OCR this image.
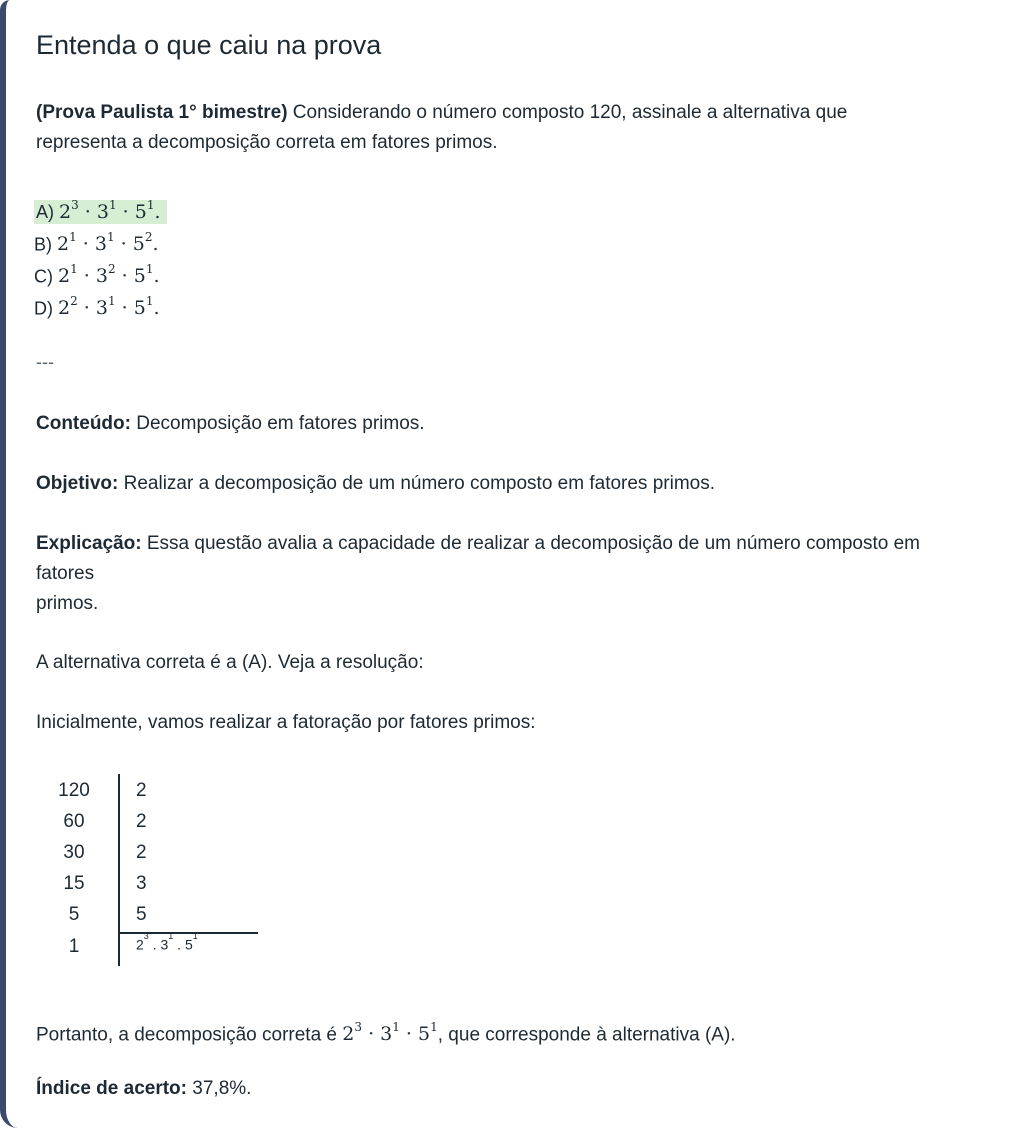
Entenda o que caiu na prova

(Prova Paulista 1° bimestre) Considerando o número composto 120, assinale a alternativa que
representa a decomposição correta em fatores primos.

A) $2^3 \cdot 3^1 \cdot 5^1$.
B) $2^1 \cdot 3^1 \cdot 5^2$.
C) $2^1 \cdot 3^2 \cdot 5^1$.
D) $2^2 \cdot 3^1 \cdot 5^1$.
---

Conteúdo: Decomposição em fatores primos.

Objetivo: Realizar a decomposição de um número composto em fatores primos.

Explicação: Essa questão avalia a capacidade de realizar a decomposição de um número composto em
fatores
primos.

A alternativa correta é a (A). Veja a resolução:

Inicialmente, vamos realizar a fatoração por fatores primos:

120	2
60	2
30	2
15	3
5	5
1	$2^3$ . $3^1$ . $5^1$

Portanto, a decomposição correta é $2^3 \cdot 3^1 \cdot 5^1$, que corresponde à alternativa (A).

Índice de acerto: 37,8%.
